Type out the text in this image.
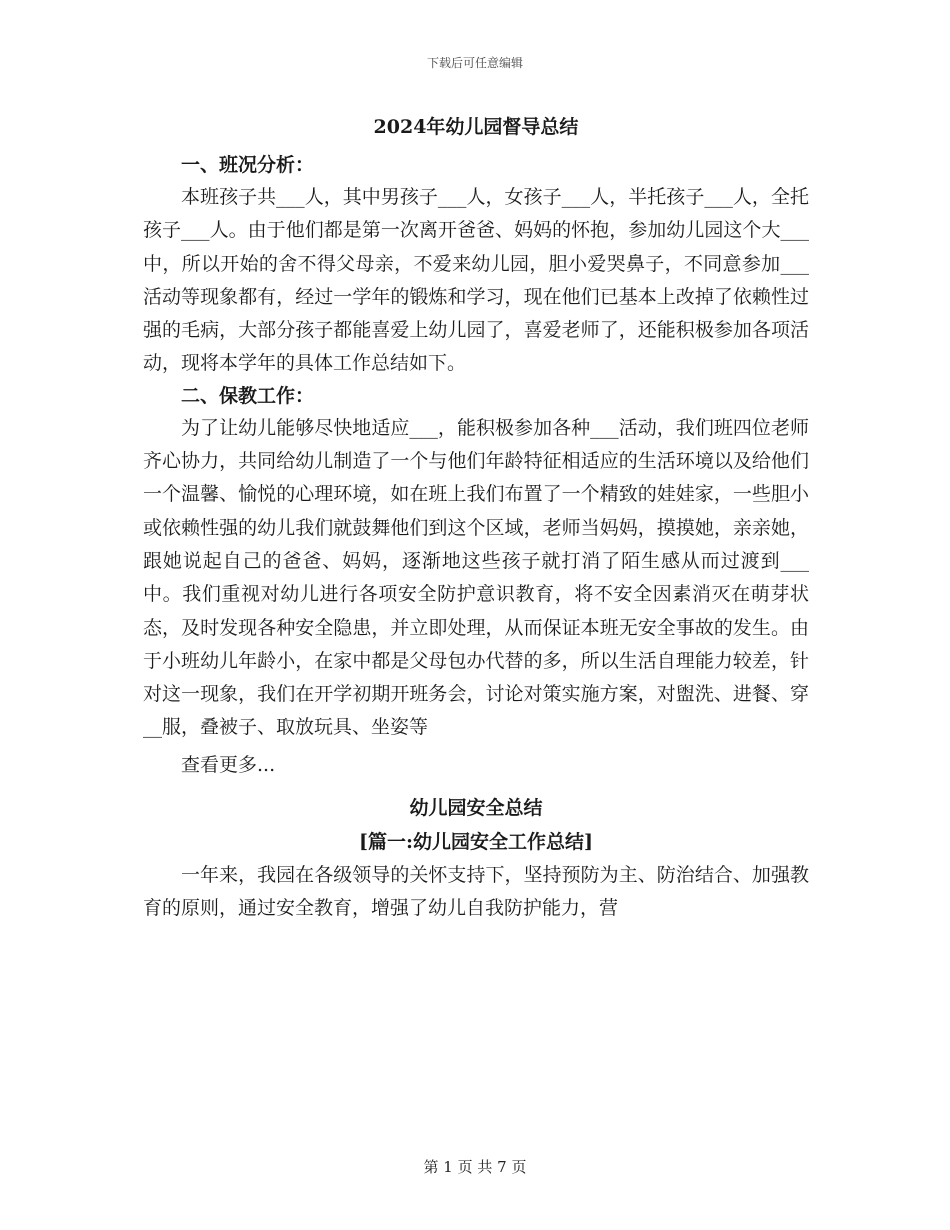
下载后可任意编辑
2024年幼儿园督导总结
一、班况分析：

本班孩子共___人，其中男孩子___人，女孩子___人，半托孩子___人，全托孩子___人。由于他们都是第一次离开爸爸、妈妈的怀抱，参加幼儿园这个大___中，所以开始的舍不得父母亲，不爱来幼儿园，胆小爱哭鼻子，不同意参加___活动等现象都有，经过一学年的锻炼和学习，现在他们已基本上改掉了依赖性过强的毛病，大部分孩子都能喜爱上幼儿园了，喜爱老师了，还能积极参加各项活动，现将本学年的具体工作总结如下。

二、保教工作：

为了让幼儿能够尽快地适应___，能积极参加各种___活动，我们班四位老师齐心协力，共同给幼儿制造了一个与他们年龄特征相适应的生活环境以及给他们一个温馨、愉悦的心理环境，如在班上我们布置了一个精致的娃娃家，一些胆小或依赖性强的幼儿我们就鼓舞他们到这个区域，老师当妈妈，摸摸她，亲亲她，跟她说起自己的爸爸、妈妈，逐渐地这些孩子就打消了陌生感从而过渡到___中。我们重视对幼儿进行各项安全防护意识教育，将不安全因素消灭在萌芽状态，及时发现各种安全隐患，并立即处理，从而保证本班无安全事故的发生。由于小班幼儿年龄小，在家中都是父母包办代替的多，所以生活自理能力较差，针对这一现象，我们在开学初期开班务会，讨论对策实施方案，对盥洗、进餐、穿__服，叠被子、取放玩具、坐姿等

查看更多...

幼儿园安全总结
[篇一:幼儿园安全工作总结]

一年来，我园在各级领导的关怀支持下，坚持预防为主、防治结合、加强教育的原则，通过安全教育，增强了幼儿自我防护能力，营

第 1 页 共 7 页
